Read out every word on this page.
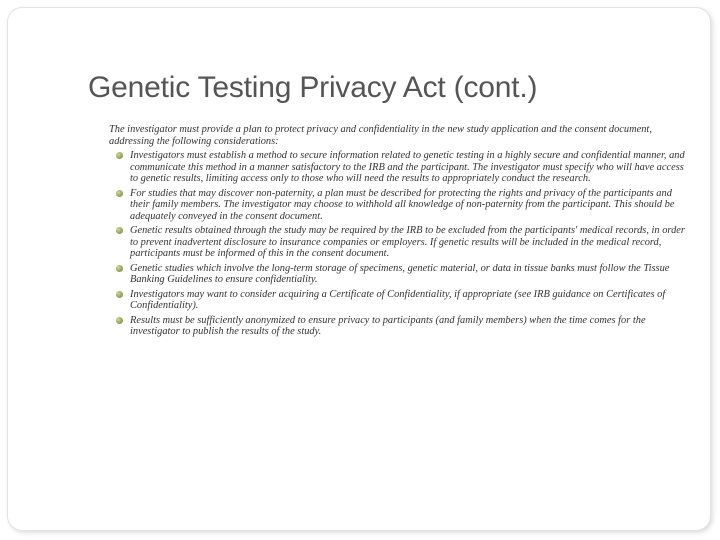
Genetic Testing Privacy Act (cont.)

The investigator must provide a plan to protect privacy and confidentiality in the new study application and the consent document, addressing the following considerations:

Investigators must establish a method to secure information related to genetic testing in a highly secure and confidential manner, and communicate this method in a manner satisfactory to the IRB and the participant. The investigator must specify who will have access to genetic results, limiting access only to those who will need the results to appropriately conduct the research.
For studies that may discover non-paternity, a plan must be described for protecting the rights and privacy of the participants and their family members. The investigator may choose to withhold all knowledge of non-paternity from the participant. This should be adequately conveyed in the consent document.
Genetic results obtained through the study may be required by the IRB to be excluded from the participants' medical records, in order to prevent inadvertent disclosure to insurance companies or employers. If genetic results will be included in the medical record, participants must be informed of this in the consent document.
Genetic studies which involve the long-term storage of specimens, genetic material, or data in tissue banks must follow the Tissue Banking Guidelines to ensure confidentiality.
Investigators may want to consider acquiring a Certificate of Confidentiality, if appropriate (see IRB guidance on Certificates of Confidentiality).
Results must be sufficiently anonymized to ensure privacy to participants (and family members) when the time comes for the investigator to publish the results of the study.
